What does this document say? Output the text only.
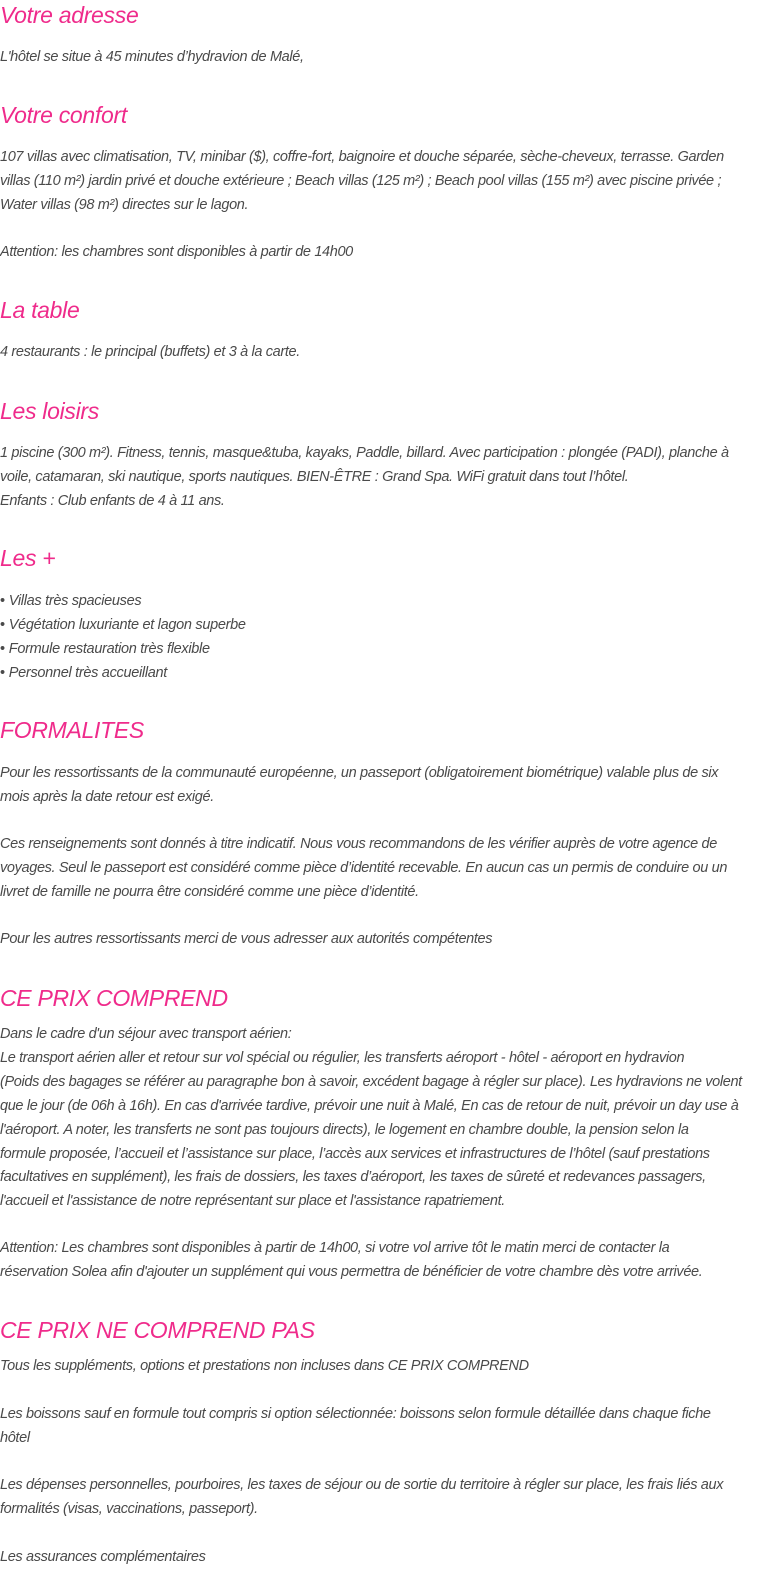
Votre adresse

L'hôtel se situe à 45 minutes d’hydravion de Malé,

Votre confort

107 villas avec climatisation, TV, minibar ($), coffre-fort, baignoire et douche séparée, sèche-cheveux, terrasse. Garden

villas (110 m²) jardin privé et douche extérieure ; Beach villas (125 m²) ; Beach pool villas (155 m²) avec piscine privée ;

Water villas (98 m²) directes sur le lagon.

Attention: les chambres sont disponibles à partir de 14h00

La table

4 restaurants : le principal (buffets) et 3 à la carte.

Les loisirs

1 piscine (300 m²). Fitness, tennis, masque&tuba, kayaks, Paddle, billard. Avec participation : plongée (PADI), planche à

voile, catamaran, ski nautique, sports nautiques. BIEN-ÊTRE : Grand Spa. WiFi gratuit dans tout l’hôtel.

Enfants : Club enfants de 4 à 11 ans.

Les +
• Villas très spacieuses
• Végétation luxuriante et lagon superbe
• Formule restauration très flexible
• Personnel très accueillant
FORMALITES

Pour les ressortissants de la communauté européenne, un passeport (obligatoirement biométrique) valable plus de six

mois après la date retour est exigé.

Ces renseignements sont donnés à titre indicatif. Nous vous recommandons de les vérifier auprès de votre agence de

voyages. Seul le passeport est considéré comme pièce d’identité recevable. En aucun cas un permis de conduire ou un

livret de famille ne pourra être considéré comme une pièce d’identité.

Pour les autres ressortissants merci de vous adresser aux autorités compétentes

CE PRIX COMPREND

Dans le cadre d'un séjour avec transport aérien:

Le transport aérien aller et retour sur vol spécial ou régulier, les transferts aéroport - hôtel - aéroport en hydravion

(Poids des bagages se référer au paragraphe bon à savoir, excédent bagage à régler sur place). Les hydravions ne volent

que le jour (de 06h à 16h). En cas d'arrivée tardive, prévoir une nuit à Malé, En cas de retour de nuit, prévoir un day use à

l'aéroport. A noter, les transferts ne sont pas toujours directs), le logement en chambre double, la pension selon la

formule proposée, l’accueil et l’assistance sur place, l’accès aux services et infrastructures de l’hôtel (sauf prestations

facultatives en supplément), les frais de dossiers, les taxes d’aéroport, les taxes de sûreté et redevances passagers,

l'accueil et l'assistance de notre représentant sur place et l'assistance rapatriement.

Attention: Les chambres sont disponibles à partir de 14h00, si votre vol arrive tôt le matin merci de contacter la

réservation Solea afin d'ajouter un supplément qui vous permettra de bénéficier de votre chambre dès votre arrivée.

CE PRIX NE COMPREND PAS

Tous les suppléments, options et prestations non incluses dans CE PRIX COMPREND

Les boissons sauf en formule tout compris si option sélectionnée: boissons selon formule détaillée dans chaque fiche

hôtel

Les dépenses personnelles, pourboires, les taxes de séjour ou de sortie du territoire à régler sur place, les frais liés aux

formalités (visas, vaccinations, passeport).

Les assurances complémentaires
